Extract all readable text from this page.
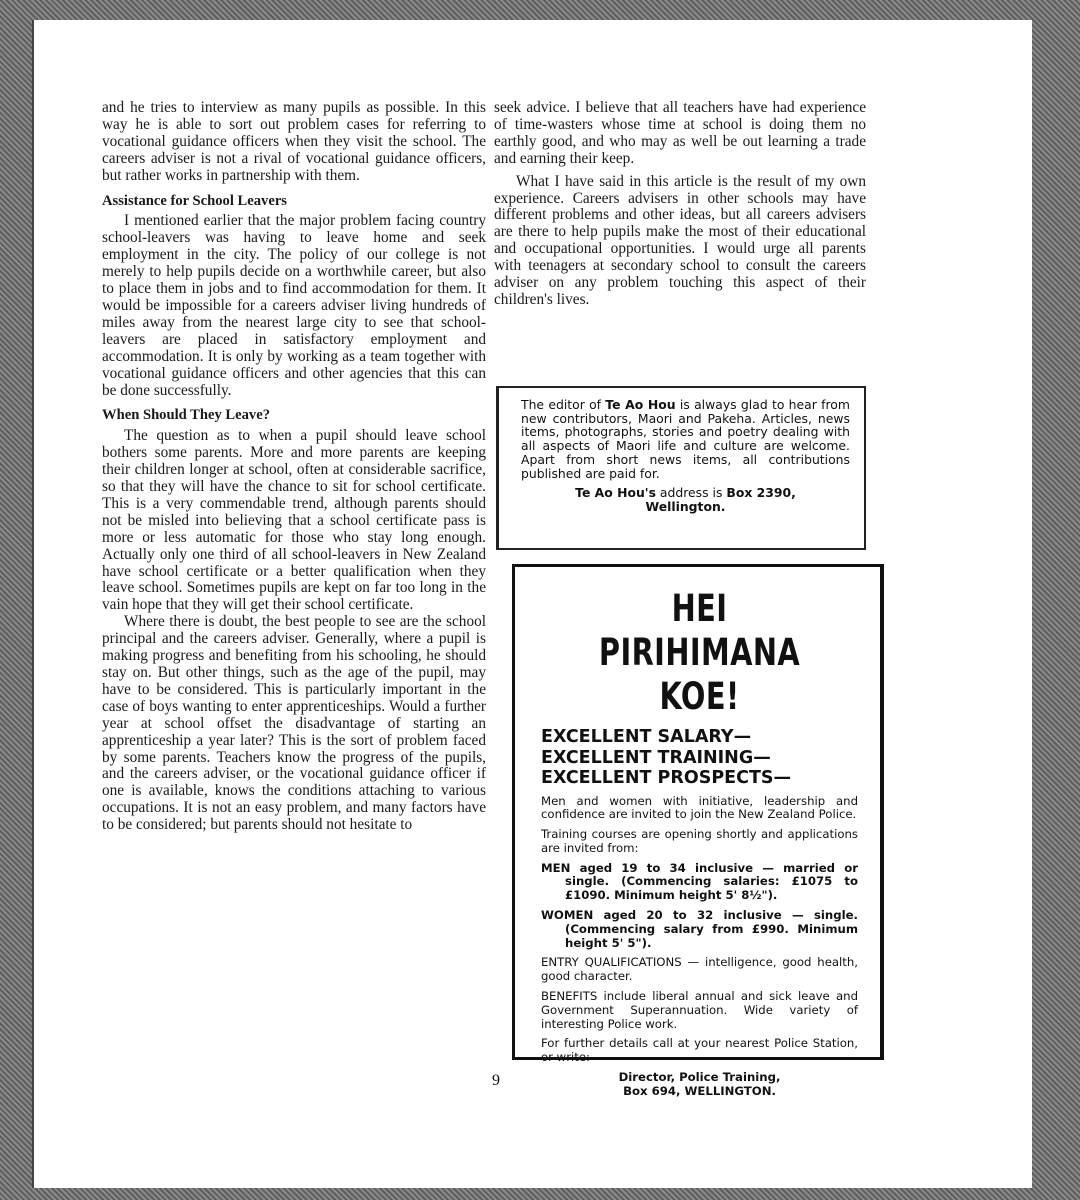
and he tries to interview as many pupils as possible. In this way he is able to sort out problem cases for referring to vocational guidance officers when they visit the school. The careers adviser is not a rival of vocational guidance officers, but rather works in partnership with them.

Assistance for School Leavers

I mentioned earlier that the major problem facing country school-leavers was having to leave home and seek employment in the city. The policy of our college is not merely to help pupils decide on a worthwhile career, but also to place them in jobs and to find accommodation for them. It would be impossible for a careers adviser living hundreds of miles away from the nearest large city to see that school-leavers are placed in satisfactory employment and accommodation. It is only by working as a team together with vocational guidance officers and other agencies that this can be done successfully.

When Should They Leave?

The question as to when a pupil should leave school bothers some parents. More and more parents are keeping their children longer at school, often at considerable sacrifice, so that they will have the chance to sit for school certificate. This is a very commendable trend, although parents should not be misled into believing that a school certificate pass is more or less automatic for those who stay long enough. Actually only one third of all school-leavers in New Zealand have school certificate or a better qualification when they leave school. Sometimes pupils are kept on far too long in the vain hope that they will get their school certificate.

Where there is doubt, the best people to see are the school principal and the careers adviser. Generally, where a pupil is making progress and benefiting from his schooling, he should stay on. But other things, such as the age of the pupil, may have to be considered. This is particularly important in the case of boys wanting to enter apprenticeships. Would a further year at school offset the disadvantage of starting an apprenticeship a year later? This is the sort of problem faced by some parents. Teachers know the progress of the pupils, and the careers adviser, or the vocational guidance officer if one is available, knows the conditions attaching to various occupations. It is not an easy problem, and many factors have to be considered; but parents should not hesitate to

seek advice. I believe that all teachers have had experience of time-wasters whose time at school is doing them no earthly good, and who may as well be out learning a trade and earning their keep.

What I have said in this article is the result of my own experience. Careers advisers in other schools may have different problems and other ideas, but all careers advisers are there to help pupils make the most of their educational and occupational opportunities. I would urge all parents with teenagers at secondary school to consult the careers adviser on any problem touching this aspect of their children's lives.

The editor of Te Ao Hou is always glad to hear from new contributors, Maori and Pakeha. Articles, news items, photographs, stories and poetry dealing with all aspects of Maori life and culture are welcome. Apart from short news items, all contributions published are paid for.

Te Ao Hou's address is Box 2390,
Wellington.

HEI PIRIHIMANA
KOE!
EXCELLENT SALARY—
EXCELLENT TRAINING—
EXCELLENT PROSPECTS—

Men and women with initiative, leadership and confidence are invited to join the New Zealand Police.

Training courses are opening shortly and applications are invited from:

MEN aged 19 to 34 inclusive — married or single. (Commencing salaries: £1075 to £1090. Minimum height 5' 8½").

WOMEN aged 20 to 32 inclusive — single. (Commencing salary from £990. Minimum height 5' 5").

ENTRY QUALIFICATIONS — intelligence, good health, good character.

BENEFITS include liberal annual and sick leave and Government Superannuation. Wide variety of interesting Police work.

For further details call at your nearest Police Station, or write:

Director, Police Training,
Box 694, WELLINGTON.

9
